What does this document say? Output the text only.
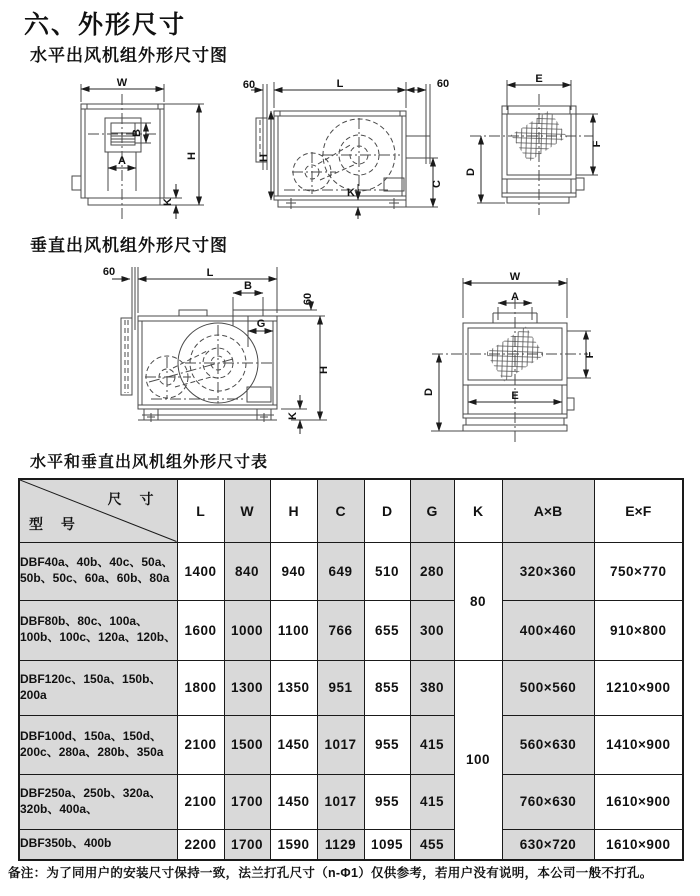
六、外形尺寸
水平出风机组外形尺寸图
W
B
A
K
H
60	L	60
H
C
K
E
F
D
垂直出风机组外形尺寸图
60	L
B
60
H
K
G
W
A
F
D	E
水平和垂直出风机组外形尺寸表
尺 寸
型 号	L	W	H	C	D	G	K	A×B	E×F
DBF40a、40b、40c、50a、50b、50c、60a、60b、80a	1400	840	940	649	510	280	80	320×360	750×770
DBF80b、80c、100a、100b、100c、120a、120b、	1600	1000	1100	766	655	300		400×460	910×800
DBF120c、150a、150b、200a	1800	1300	1350	951	855	380	100	500×560	1210×900
DBF100d、150a、150d、200c、280a、280b、350a	2100	1500	1450	1017	955	415		560×630	1410×900
DBF250a、250b、320a、320b、400a、	2100	1700	1450	1017	955	415		760×630	1610×900
DBF350b、400b	2200	1700	1590	1129	1095	455		630×720	1610×900
备注：为了同用户的安装尺寸保持一致，法兰打孔尺寸（n-Φ1）仅供参考，若用户没有说明，本公司一般不打孔。
